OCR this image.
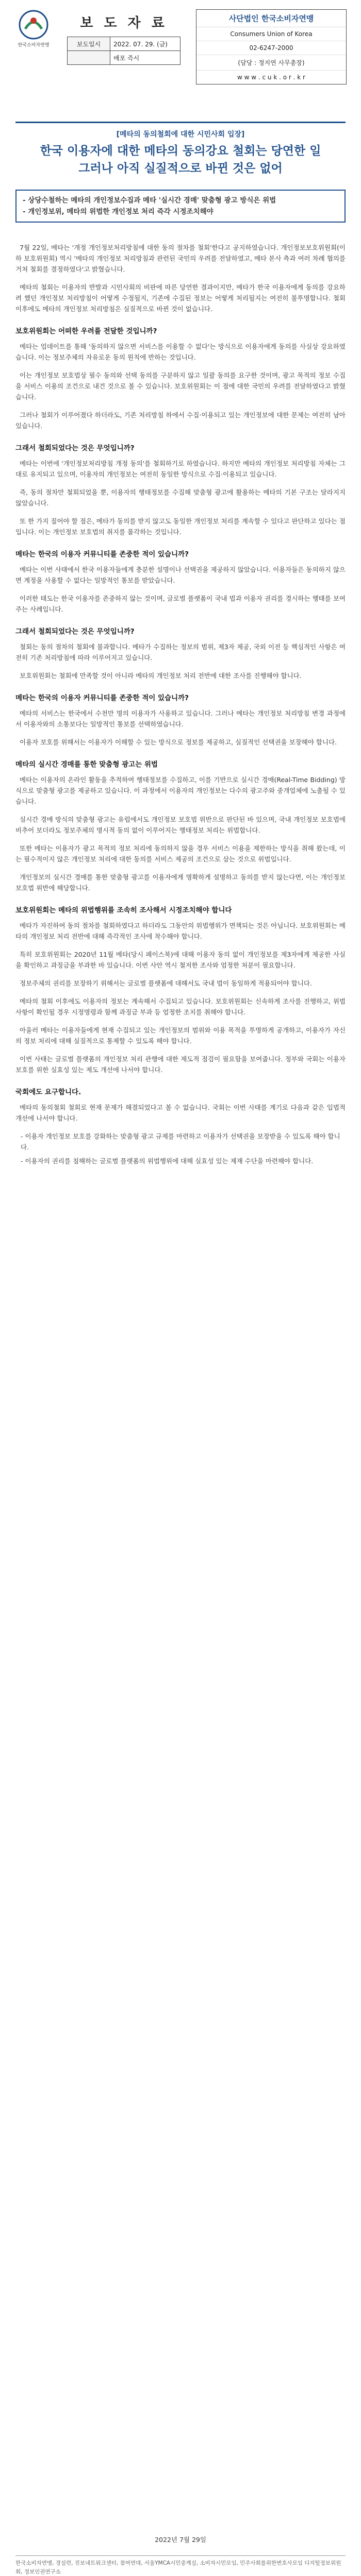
한국소비자연맹
보 도 자 료
보도일시	2022. 07. 29. (금)
	배포 즉시
사단법인 한국소비자연맹
Consumers Union of Korea
02-6247-2000
(담당 : 정지연 사무총장)
w w w . c u k . o r . k r
[메타의 동의철회에 대한 시민사회 입장]
한국 이용자에 대한 메타의 동의강요 철회는 당연한 일
그러나 아직 실질적으로 바뀐 것은 없어
- 상당수철하는 메타의 개인정보수집과 메타 '실시간 경매' 맞춤형 광고 방식은 위법
- 개인정보위, 메타의 위법한 개인정보 처리 즉각 시정조치해야

7월 22일, 메타는 '개정 개인정보처리방침에 대한 동의 절차를 철회'한다고 공지하였습니다. 개인정보보호위원회(이하 보호위원회) 역시 '메타의 개인정보 처리방침과 관련된 국민의 우려를 전달하였고, 메타 본사 측과 여러 차례 협의를 거쳐 철회를 결정하였다'고 밝혔습니다.

메타의 철회는 이용자의 반발과 시민사회의 비판에 따른 당연한 결과이지만, 메타가 한국 이용자에게 동의를 강요하려 했던 개인정보 처리방침이 어떻게 수정될지, 기존에 수집된 정보는 어떻게 처리될지는 여전히 불투명합니다. 철회 이후에도 메타의 개인정보 처리방침은 실질적으로 바뀐 것이 없습니다.

보호위원회는 어떠한 우려를 전달한 것입니까?

메타는 업데이트를 통해 '동의하지 않으면 서비스를 이용할 수 없다'는 방식으로 이용자에게 동의를 사실상 강요하였습니다. 이는 정보주체의 자유로운 동의 원칙에 반하는 것입니다.

이는 개인정보 보호법상 필수 동의와 선택 동의를 구분하지 않고 일괄 동의를 요구한 것이며, 광고 목적의 정보 수집을 서비스 이용의 조건으로 내건 것으로 볼 수 있습니다. 보호위원회는 이 점에 대한 국민의 우려를 전달하였다고 밝혔습니다.

그러나 철회가 이루어졌다 하더라도, 기존 처리방침 하에서 수집·이용되고 있는 개인정보에 대한 문제는 여전히 남아 있습니다.

그래서 철회되었다는 것은 무엇입니까?

메타는 이번에 '개인정보처리방침 개정 동의'를 철회하기로 하였습니다. 하지만 메타의 개인정보 처리방침 자체는 그대로 유지되고 있으며, 이용자의 개인정보는 여전히 동일한 방식으로 수집·이용되고 있습니다.

즉, 동의 절차만 철회되었을 뿐, 이용자의 행태정보를 수집해 맞춤형 광고에 활용하는 메타의 기본 구조는 달라지지 않았습니다.

또 한 가지 짚어야 할 점은, 메타가 동의를 받지 않고도 동일한 개인정보 처리를 계속할 수 있다고 판단하고 있다는 점입니다. 이는 개인정보 보호법의 취지를 몰각하는 것입니다.

메타는 한국의 이용자 커뮤니티를 존중한 적이 있습니까?

메타는 이번 사태에서 한국 이용자들에게 충분한 설명이나 선택권을 제공하지 않았습니다. 이용자들은 동의하지 않으면 계정을 사용할 수 없다는 일방적인 통보를 받았습니다.

이러한 태도는 한국 이용자를 존중하지 않는 것이며, 글로벌 플랫폼이 국내 법과 이용자 권리를 경시하는 행태를 보여주는 사례입니다.

그래서 철회되었다는 것은 무엇입니까?

철회는 동의 절차의 철회에 불과합니다. 메타가 수집하는 정보의 범위, 제3자 제공, 국외 이전 등 핵심적인 사항은 여전히 기존 처리방침에 따라 이루어지고 있습니다.

보호위원회는 철회에 만족할 것이 아니라 메타의 개인정보 처리 전반에 대한 조사를 진행해야 합니다.

메타는 한국의 이용자 커뮤니티를 존중한 적이 있습니까?

메타의 서비스는 한국에서 수천만 명의 이용자가 사용하고 있습니다. 그러나 메타는 개인정보 처리방침 변경 과정에서 이용자와의 소통보다는 일방적인 통보를 선택하였습니다.

이용자 보호를 위해서는 이용자가 이해할 수 있는 방식으로 정보를 제공하고, 실질적인 선택권을 보장해야 합니다.

메타의 실시간 경매를 통한 맞춤형 광고는 위법

메타는 이용자의 온라인 활동을 추적하여 행태정보를 수집하고, 이를 기반으로 실시간 경매(Real-Time Bidding) 방식으로 맞춤형 광고를 제공하고 있습니다. 이 과정에서 이용자의 개인정보는 다수의 광고주와 중개업체에 노출될 수 있습니다.

실시간 경매 방식의 맞춤형 광고는 유럽에서도 개인정보 보호법 위반으로 판단된 바 있으며, 국내 개인정보 보호법에 비추어 보더라도 정보주체의 명시적 동의 없이 이루어지는 행태정보 처리는 위법합니다.

또한 메타는 이용자가 광고 목적의 정보 처리에 동의하지 않을 경우 서비스 이용을 제한하는 방식을 취해 왔는데, 이는 필수적이지 않은 개인정보 처리에 대한 동의를 서비스 제공의 조건으로 삼는 것으로 위법입니다.

개인정보의 실시간 경매를 통한 맞춤형 광고를 이용자에게 명확하게 설명하고 동의를 받지 않는다면, 이는 개인정보 보호법 위반에 해당합니다.

보호위원회는 메타의 위법행위를 조속히 조사해서 시정조치해야 합니다

메타가 자진하여 동의 절차를 철회하였다고 하더라도 그동안의 위법행위가 면책되는 것은 아닙니다. 보호위원회는 메타의 개인정보 처리 전반에 대해 즉각적인 조사에 착수해야 합니다.

특히 보호위원회는 2020년 11월 메타(당시 페이스북)에 대해 이용자 동의 없이 개인정보를 제3자에게 제공한 사실을 확인하고 과징금을 부과한 바 있습니다. 이번 사안 역시 철저한 조사와 엄정한 처분이 필요합니다.

정보주체의 권리를 보장하기 위해서는 글로벌 플랫폼에 대해서도 국내 법이 동일하게 적용되어야 합니다.

메타의 철회 이후에도 이용자의 정보는 계속해서 수집되고 있습니다. 보호위원회는 신속하게 조사를 진행하고, 위법사항이 확인될 경우 시정명령과 함께 과징금 부과 등 엄정한 조치를 취해야 합니다.

아울러 메타는 이용자들에게 현재 수집되고 있는 개인정보의 범위와 이용 목적을 투명하게 공개하고, 이용자가 자신의 정보 처리에 대해 실질적으로 통제할 수 있도록 해야 합니다.

이번 사태는 글로벌 플랫폼의 개인정보 처리 관행에 대한 제도적 점검이 필요함을 보여줍니다. 정부와 국회는 이용자 보호를 위한 실효성 있는 제도 개선에 나서야 합니다.

국회에도 요구합니다.

메타의 동의철회 철회로 현재 문제가 해결되었다고 볼 수 없습니다. 국회는 이번 사태를 계기로 다음과 같은 입법적 개선에 나서야 합니다.

- 이용자 개인정보 보호를 강화하는 맞춤형 광고 규제를 마련하고 이용자가 선택권을 보장받을 수 있도록 해야 합니다.
- 이용자의 권리를 침해하는 글로벌 플랫폼의 위법행위에 대해 실효성 있는 제재 수단을 마련해야 합니다.
2022년 7월 29일
한국소비자연맹, 경실련, 진보네트워크센터, 참여연대, 서울YMCA시민중계실, 소비자시민모임, 민주사회를위한변호사모임 디지털정보위원회, 정보인권연구소
